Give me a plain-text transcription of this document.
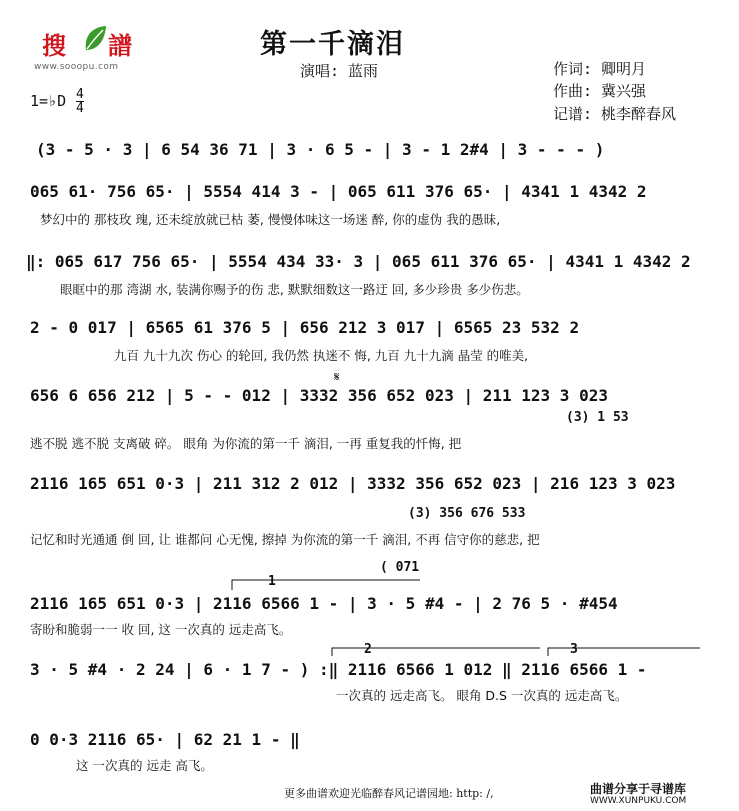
搜 譜
www.sooopu.com
第一千滴泪
演唱: 蓝雨	作词: 卿明月
作曲: 冀兴强
记谱: 桃李醉春风
1=♭D 4
4
(3 - 5 · 3 | 6 54 36 71 | 3 · 6 5 - | 3 - 1 2#4 | 3 - - - )
065 61· 756 65· | 5554 414 3 - | 065 611 376 65· | 4341 1 4342 2
梦幻中的 那枝玫 瑰, 还未绽放就已枯 萎, 慢慢体味这一场迷 醉, 你的虚伪 我的愚昧,
‖: 065 617 756 65· | 5554 434 33· 3 | 065 611 376 65· | 4341 1 4342 2
眼眶中的那 湾湖 水, 装满你赐予的伤 悲, 默默细数这一路迂 回, 多少珍贵 多少伤悲。
2 - 0 017 | 6565 61 376 5 | 656 212 3 017 | 6565 23 532 2
九百 九十九次 伤心 的轮回, 我仍然 执迷不 悔, 九百 九十九滴 晶莹 的唯美,
656 6 656 212 | 5 - - 012 | 3332 356 652 023 | 211 123 3 023
(3) 1 53
逃不脱 逃不脱 支离破 碎。 眼角 为你流的第一千 滴泪, 一再 重复我的忏悔, 把
2116 165 651 0·3 | 211 312 2 012 | 3332 356 652 023 | 216 123 3 023
(3) 356 676 533
记忆和时光通通 倒 回, 让 谁都问 心无愧, 擦掉 为你流的第一千 滴泪, 不再 信守你的慈悲, 把
( 071
2116 165 651 0·3 | 2116 6566 1 - | 3 · 5 #4 - | 2 76 5 · #454
寄盼和脆弱一一 收 回, 这 一次真的 远走高飞。
3 · 5 #4 · 2 24 | 6 · 1 7 - ) :‖ 2116 6566 1 012 ‖ 2116 6566 1 -
一次真的 远走高飞。 眼角 D.S 一次真的 远走高飞。
0 0·3 2116 65· | 62 21 1 - ‖
这 一次真的 远走 高飞。
1
2	3
𝄋
更多曲谱欢迎光临醉春风记谱园地: http: /,	曲谱分享于寻谱库
WWW.XUNPUKU.COM
